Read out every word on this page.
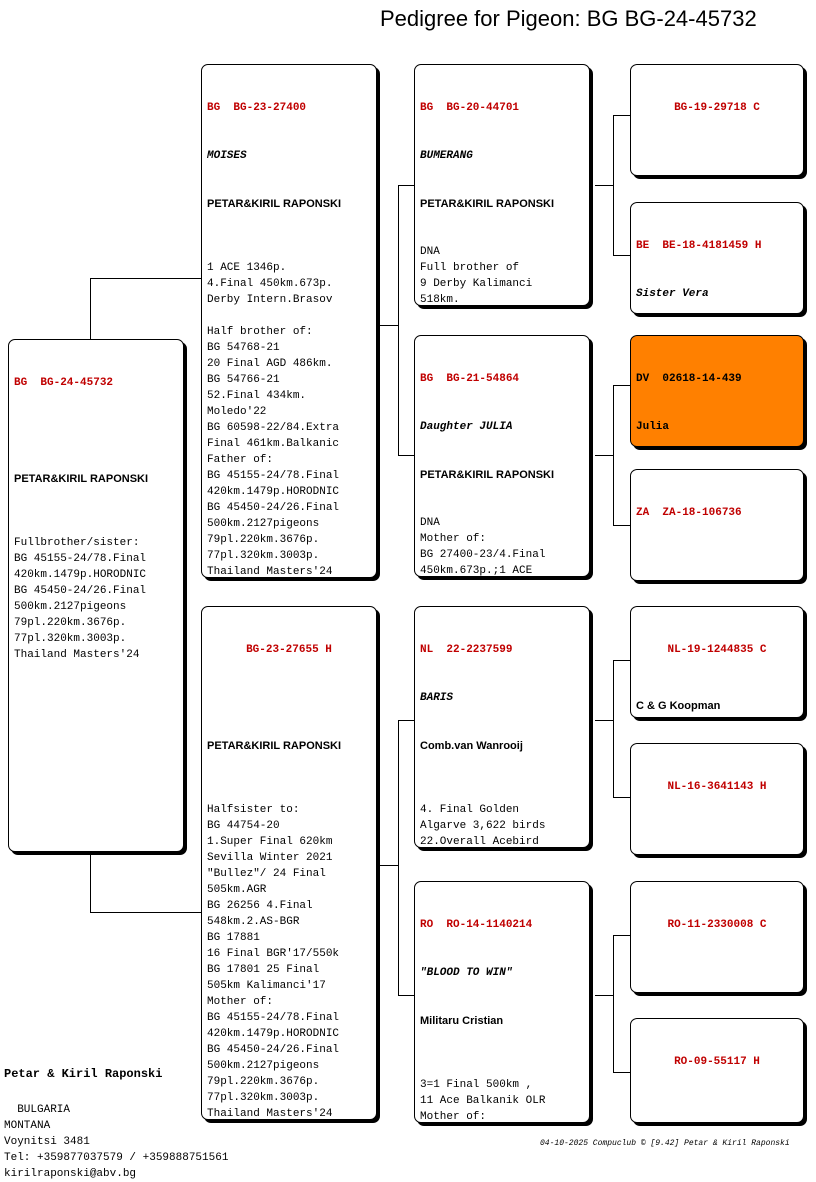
Pedigree for Pigeon: BG BG-24-45732

BG  BG-24-45732

PETAR&KIRIL RAPONSKI

Fullbrother/sister:
BG 45155-24/78.Final
420km.1479p.HORODNIC
BG 45450-24/26.Final
500km.2127pigeons
79pl.220km.3676p.
77pl.320km.3003p.
Thailand Masters'24

BG  BG-23-27400

MOISES

PETAR&KIRIL RAPONSKI

1 ACE 1346p.
4.Final 450km.673p.
Derby Intern.Brasov

Half brother of:
BG 54768-21
20 Final AGD 486km.
BG 54766-21
52.Final 434km.
Moledo'22
BG 60598-22/84.Extra
Final 461km.Balkanic
Father of:
BG 45155-24/78.Final
420km.1479p.HORODNIC
BG 45450-24/26.Final
500km.2127pigeons
79pl.220km.3676p.
77pl.320km.3003p.
Thailand Masters'24

BG-23-27655 H

PETAR&KIRIL RAPONSKI

Halfsister to:
BG 44754-20
1.Super Final 620km
Sevilla Winter 2021
"Bullez"/ 24 Final
505km.AGR
BG 26256 4.Final
548km.2.AS-BGR
BG 17881
16 Final BGR'17/550k
BG 17801 25 Final
505km Kalimanci'17
Mother of:
BG 45155-24/78.Final
420km.1479p.HORODNIC
BG 45450-24/26.Final
500km.2127pigeons
79pl.220km.3676p.
77pl.320km.3003p.
Thailand Masters'24

BG  BG-20-44701

BUMERANG

PETAR&KIRIL RAPONSKI

DNA
Full brother of
9 Derby Kalimanci
518km.

BG  BG-21-54864

Daughter JULIA

PETAR&KIRIL RAPONSKI

DNA
Mother of:
BG 27400-23/4.Final
450km.673p.;1 ACE

NL  22-2237599

BARIS

Comb.van Wanrooij

4. Final Golden
Algarve 3,622 birds
22.Overall Acebird

RO  RO-14-1140214

"BLOOD TO WIN"

Militaru Cristian

3=1 Final 500km ,
11 Ace Balkanik OLR
Mother of:

BG-19-29718 C

BE  BE-18-4181459 H

Sister Vera

DV  02618-14-439

Julia

ZA  ZA-18-106736

NL-19-1244835 C

C & G Koopman

NL-16-3641143 H

RO-11-2330008 C

RO-09-55117 H

Petar & Kiril Raponski

BULGARIA
MONTANA
Voynitsi 3481
Tel: +359877037579 / +359888751561
kirilraponski@abv.bg

04-10-2025 Compuclub © [9.42] Petar & Kiril Raponski
